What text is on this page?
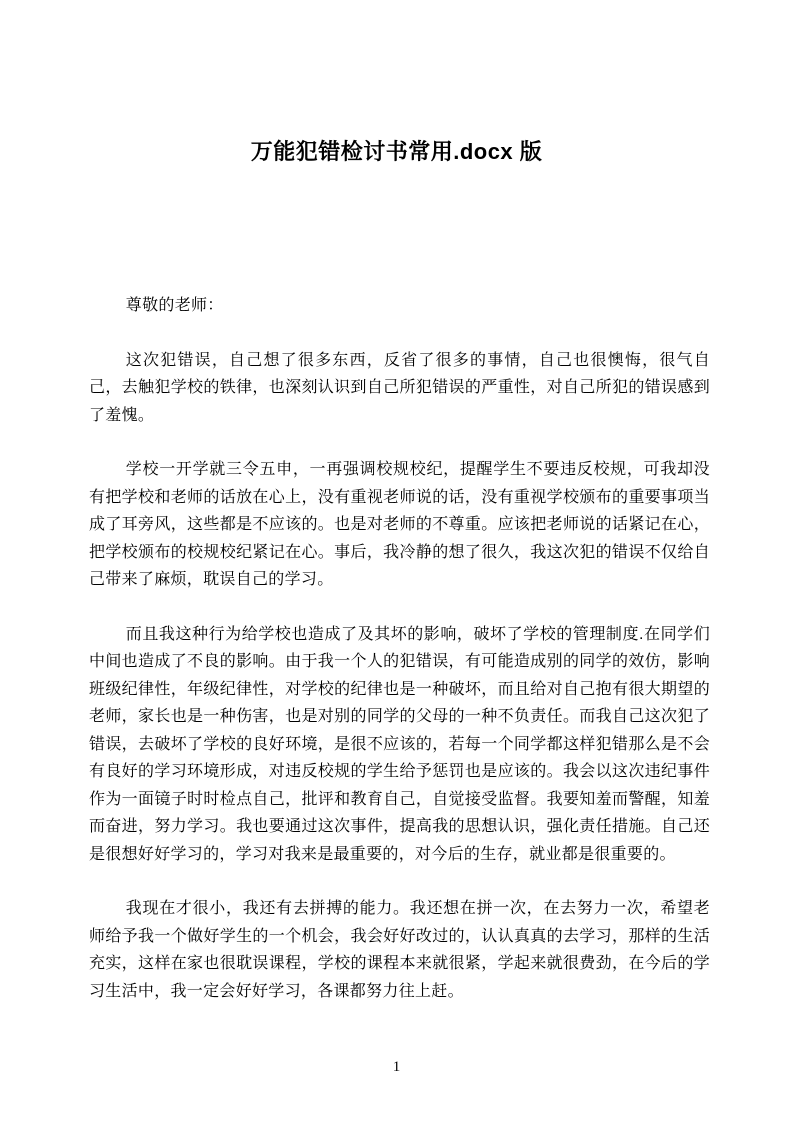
万能犯错检讨书常用.docx 版

尊敬的老师：

这次犯错误，自己想了很多东西，反省了很多的事情，自己也很懊悔，很气自己，去触犯学校的铁律，也深刻认识到自己所犯错误的严重性，对自己所犯的错误感到了羞愧。

学校一开学就三令五申，一再强调校规校纪，提醒学生不要违反校规，可我却没有把学校和老师的话放在心上，没有重视老师说的话，没有重视学校颁布的重要事项当成了耳旁风，这些都是不应该的。也是对老师的不尊重。应该把老师说的话紧记在心，把学校颁布的校规校纪紧记在心。事后，我冷静的想了很久，我这次犯的错误不仅给自己带来了麻烦，耽误自己的学习。

而且我这种行为给学校也造成了及其坏的影响，破坏了学校的管理制度.在同学们中间也造成了不良的影响。由于我一个人的犯错误，有可能造成别的同学的效仿，影响班级纪律性，年级纪律性，对学校的纪律也是一种破坏，而且给对自己抱有很大期望的老师，家长也是一种伤害，也是对别的同学的父母的一种不负责任。而我自己这次犯了错误，去破坏了学校的良好环境，是很不应该的，若每一个同学都这样犯错那么是不会有良好的学习环境形成，对违反校规的学生给予惩罚也是应该的。我会以这次违纪事件作为一面镜子时时检点自己，批评和教育自己，自觉接受监督。我要知羞而警醒，知羞而奋进，努力学习。我也要通过这次事件，提高我的思想认识，强化责任措施。自己还是很想好好学习的，学习对我来是最重要的，对今后的生存，就业都是很重要的。

我现在才很小，我还有去拼搏的能力。我还想在拼一次，在去努力一次，希望老师给予我一个做好学生的一个机会，我会好好改过的，认认真真的去学习，那样的生活充实，这样在家也很耽误课程，学校的课程本来就很紧，学起来就很费劲，在今后的学习生活中，我一定会好好学习，各课都努力往上赶。

1
